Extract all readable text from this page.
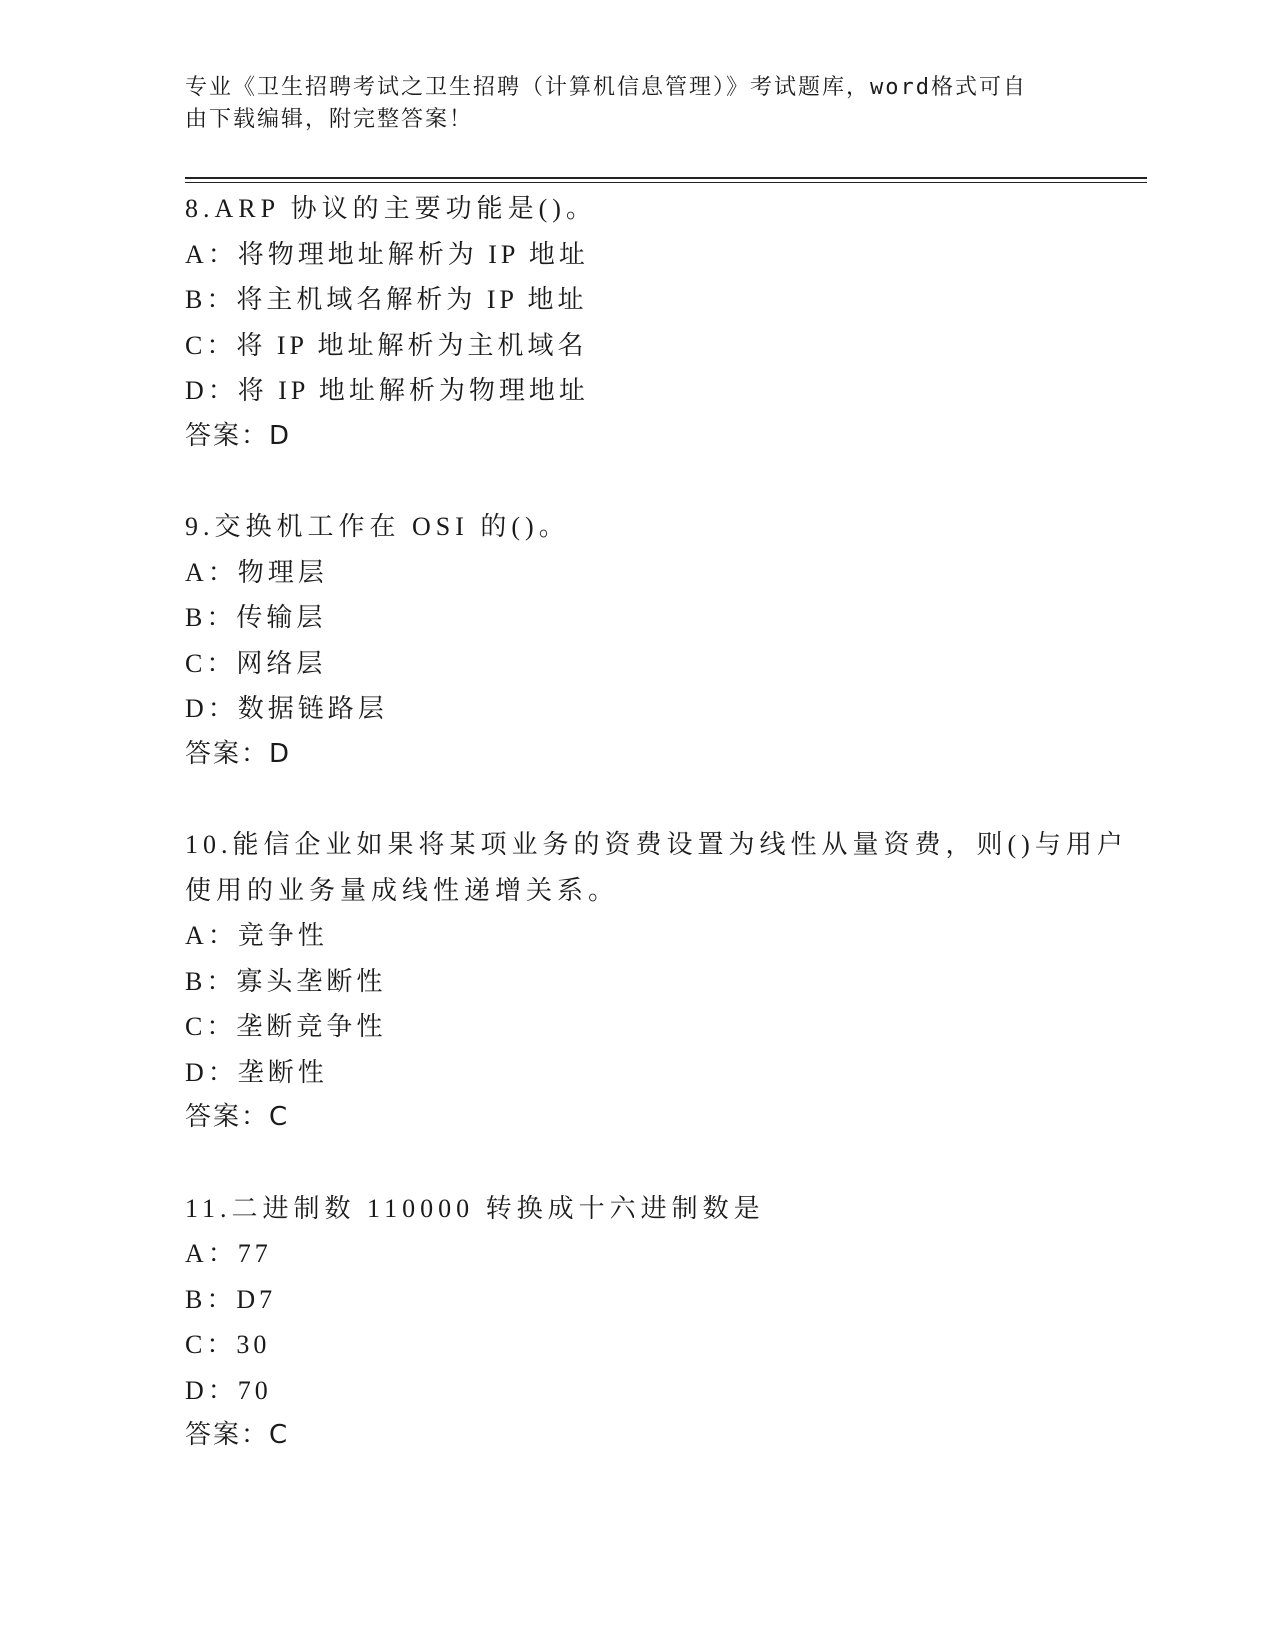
专业《卫生招聘考试之卫生招聘（计算机信息管理）》考试题库，word格式可自
由下载编辑，附完整答案！
8.ARP 协议的主要功能是()。
A：将物理地址解析为 IP 地址
B：将主机域名解析为 IP 地址
C：将 IP 地址解析为主机域名
D：将 IP 地址解析为物理地址
答案：D
9.交换机工作在 OSI 的()。
A：物理层
B：传输层
C：网络层
D：数据链路层
答案：D
10.能信企业如果将某项业务的资费设置为线性从量资费，则()与用户
使用的业务量成线性递增关系。
A：竞争性
B：寡头垄断性
C：垄断竞争性
D：垄断性
答案：C
11.二进制数 110000 转换成十六进制数是
A：77
B：D7
C：30
D：70
答案：C
